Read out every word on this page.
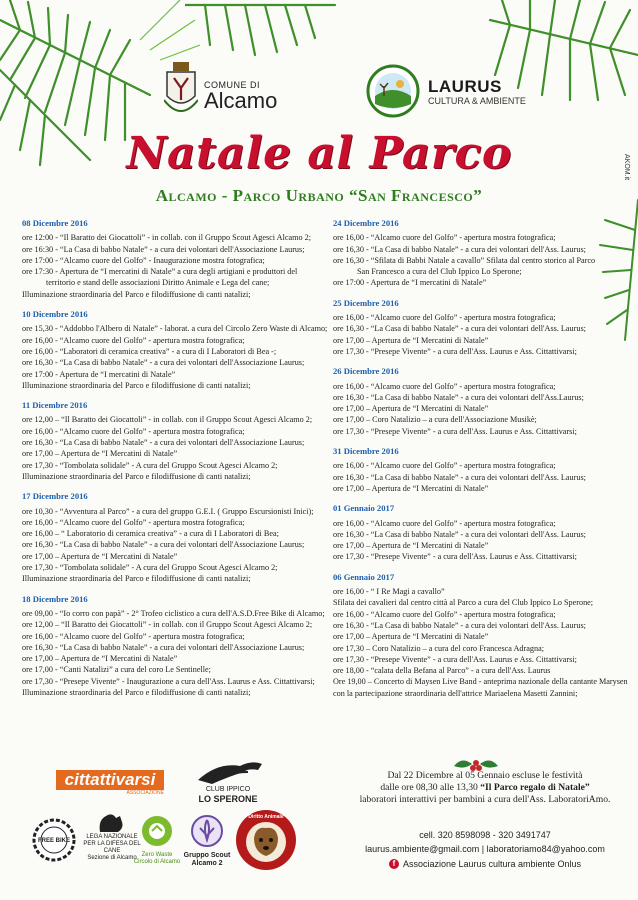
COMUNE DI
Alcamo
LAURUS
CULTURA & AMBIENTE
AKOM.it
Natale al Parco
Alcamo - Parco Urbano “San Francesco”
08 Dicembre 2016
ore 12:00 - “Il Baratto dei Giocattoli” - in collab. con il Gruppo Scout Agesci Alcamo 2;
ore 16:30 - “La Casa di babbo Natale” - a cura dei volontari dell'Associazione Laurus;
ore 17:00 - “Alcamo cuore del Golfo” - Inaugurazione mostra fotografica;
ore 17:30 - Apertura de “I mercatini di Natale” a cura degli artigiani e produttori del
territorio e stand delle associazioni Diritto Animale e Lega del cane;
Illuminazione straordinaria del Parco e filodiffusione di canti natalizi;
10 Dicembre 2016
ore 15,30 - “Addobbo l'Albero di Natale” - laborat. a cura del Circolo Zero Waste di Alcamo;
ore 16,00 - “Alcamo cuore del Golfo” - apertura mostra fotografica;
ore 16,00 - “Laboratori di ceramica creativa” - a cura di I Laboratori di Bea -;
ore 16,30 - “La Casa di babbo Natale” - a cura dei volontari dell'Associazione Laurus;
ore 17:00 - Apertura de “I mercatini di Natale”
Illuminazione straordinaria del Parco e filodiffusione di canti natalizi;
11 Dicembre 2016
ore 12,00 – “Il Baratto dei Giocattoli” - in collab. con il Gruppo Scout Agesci Alcamo 2;
ore 16,00 - “Alcamo cuore del Golfo” - apertura mostra fotografica;
ore 16,30 - “La Casa di babbo Natale” - a cura dei volontari dell'Associazione Laurus;
ore 17,00 – Apertura de “I Mercatini di Natale”
ore 17,30 - “Tombolata solidale” - A cura del Gruppo Scout Agesci Alcamo 2;
Illuminazione straordinaria del Parco e filodiffusione di canti natalizi;
17 Dicembre 2016
ore 10,30 - “Avventura al Parco” - a cura del gruppo G.E.I. ( Gruppo Escursionisti Inici);
ore 16,00 - “Alcamo cuore del Golfo” - apertura mostra fotografica;
ore 16,00 – “ Laboratorio di ceramica creativa” - a cura di I Laboratori di Bea;
ore 16,30 - “La Casa di babbo Natale” - a cura dei volontari dell'Associazione Laurus;
ore 17,00 – Apertura de “I Mercatini di Natale”
ore 17,30 - “Tombolata solidale” - A cura del Gruppo Scout Agesci Alcamo 2;
Illuminazione straordinaria del Parco e filodiffusione di canti natalizi;
18 Dicembre 2016
ore 09,00 - “Io corro con papà” - 2° Trofeo ciclistico a cura dell'A.S.D.Free Bike di Alcamo;
ore 12,00 – “Il Baratto dei Giocattoli” - in collab. con il Gruppo Scout Agesci Alcamo 2;
ore 16,00 - “Alcamo cuore del Golfo” - apertura mostra fotografica;
ore 16,30 - “La Casa di babbo Natale” - a cura dei volontari dell'Associazione Laurus;
ore 17,00 – Apertura de “I Mercatini di Natale”
ore 17,00 - “Canti Natalizi” a cura del coro Le Sentinelle;
ore 17,30 - “Presepe Vivente” - Inaugurazione a cura dell'Ass. Laurus e Ass. Cittattivarsi;
Illuminazione straordinaria del Parco e filodiffusione di canti natalizi;
24 Dicembre 2016
ore 16,00 - “Alcamo cuore del Golfo” - apertura mostra fotografica;
ore 16,30 - “La Casa di babbo Natale” - a cura dei volontari dell'Ass. Laurus;
ore 16,30 - “Sfilata di Babbi Natale a cavallo” Sfilata dal centro storico al Parco
San Francesco a cura del Club Ippico Lo Sperone;
ore 17:00 - Apertura de “I mercatini di Natale”
25 Dicembre 2016
ore 16,00 - “Alcamo cuore del Golfo” - apertura mostra fotografica;
ore 16,30 - “La Casa di babbo Natale” - a cura dei volontari dell'Ass. Laurus;
ore 17,00 – Apertura de “I Mercatini di Natale”
ore 17,30 - “Presepe Vivente” - a cura dell'Ass. Laurus e Ass. Cittattivarsi;
26 Dicembre 2016
ore 16,00 - “Alcamo cuore del Golfo” - apertura mostra fotografica;
ore 16,30 - “La Casa di babbo Natale” - a cura dei volontari dell'Ass.Laurus;
ore 17,00 – Apertura de “I Mercatini di Natale”
ore 17,00 – Coro Natalizio – a cura dell'Associazione Musikè;
ore 17,30 - “Presepe Vivente” - a cura dell'Ass. Laurus e Ass. Cittattivarsi;
31 Dicembre 2016
ore 16,00 - “Alcamo cuore del Golfo” - apertura mostra fotografica;
ore 16,30 - “La Casa di babbo Natale” - a cura dei volontari dell'Ass. Laurus;
ore 17,00 – Apertura de “I Mercatini di Natale”
01 Gennaio 2017
ore 16,00 - “Alcamo cuore del Golfo” - apertura mostra fotografica;
ore 16,30 - “La Casa di babbo Natale” - a cura dei volontari dell'Ass. Laurus;
ore 17,00 – Apertura de “I Mercatini di Natale”
ore 17,30 - “Presepe Vivente” - a cura dell'Ass. Laurus e Ass. Cittattivarsi;
06 Gennaio 2017
ore 16,00 - “ I Re Magi a cavallo”
Sfilata dei cavalieri dal centro città al Parco a cura del Club Ippico Lo Sperone;
ore 16,00 - “Alcamo cuore del Golfo” - apertura mostra fotografica;
ore 16,30 - “La Casa di babbo Natale” - a cura dei volontari dell'Ass. Laurus;
ore 17,00 – Apertura de “I Mercatini di Natale”
ore 17,30 – Coro Natalizio – a cura del coro Francesca Adragna;
ore 17,30 - “Presepe Vivente” - a cura dell'Ass. Laurus e Ass. Cittattivarsi;
ore 18,00 - “calata della Befana al Parco” - a cura dell'Ass. Laurus
Ore 19,00 – Concerto di Maysen Live Band - anteprima nazionale della cantante Marysen
con la partecipazione straordinaria dell'attrice Mariaelena Masetti Zannini;
cittattivarsi
ASSOCIAZIONE	CLUB IPPICO
LO SPERONE
FREE BIKE
LEGA NAZIONALE PER LA DIFESA DEL CANE
Sezione di Alcamo Zero Waste
Circolo di Alcamo
Gruppo Scout
Alcamo 2
Diritto Animale
Dal 22 Dicembre al 05 Gennaio escluse le festività
dalle ore 08,30 alle 13,30 “Il Parco regalo di Natale”
laboratori interattivi per bambini a cura dell'Ass. LaboratoriAmo.
cell. 320 8598098 - 320 3491747
laurus.ambiente@gmail.com | laboratoriamo84@yahoo.com
f Associazione Laurus cultura ambiente Onlus
